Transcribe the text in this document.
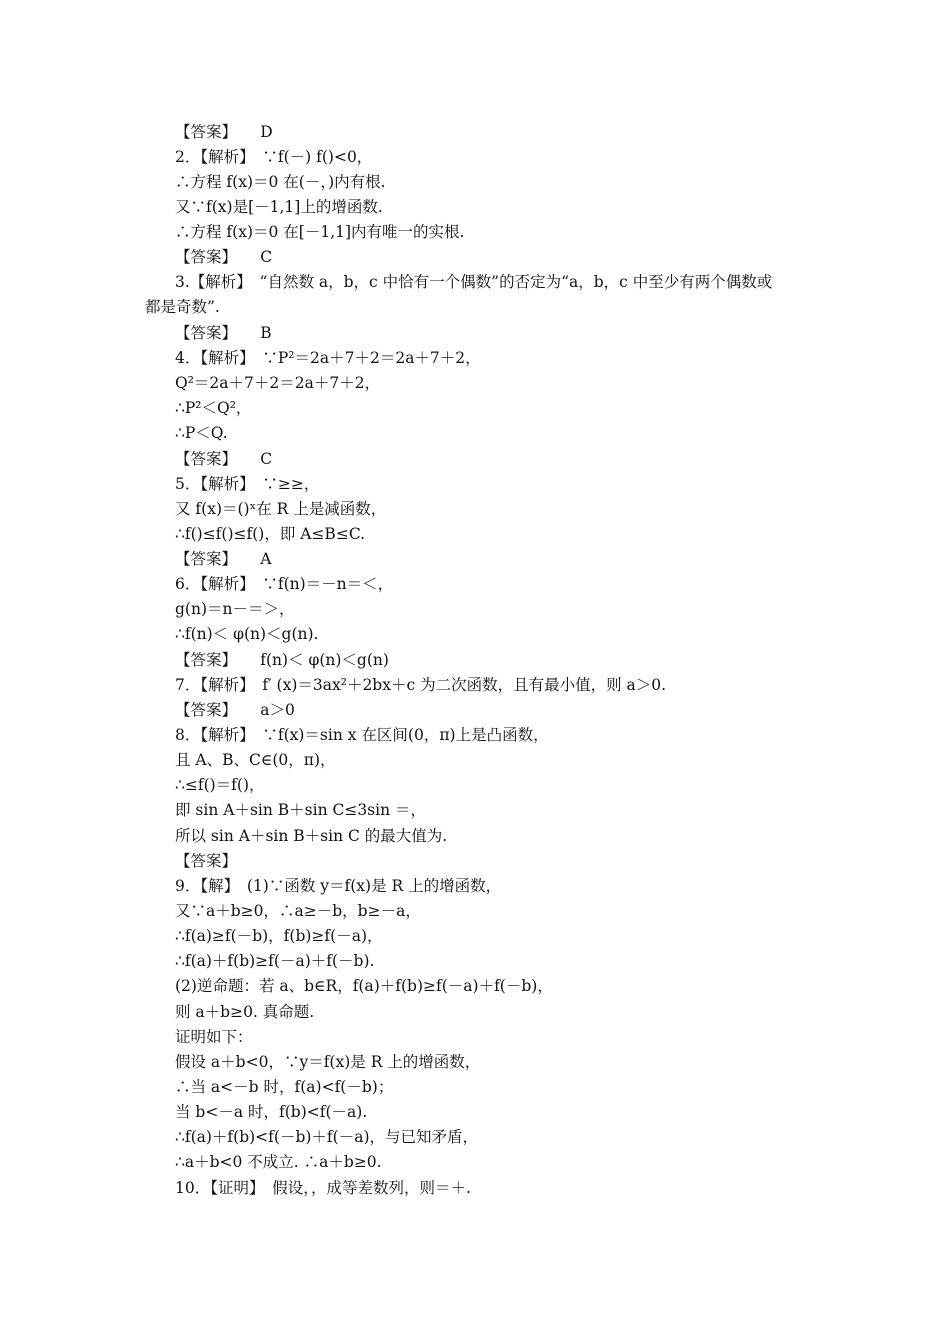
【答案】　　D
2．【解析】　∵f(－) f()<0，
∴方程 f(x)＝0 在(－，)内有根.
又∵f(x)是[－1,1]上的增函数.
∴方程 f(x)＝0 在[－1,1]内有唯一的实根.
【答案】　　C
3.【解析】　“自然数 a，b，c 中恰有一个偶数”的否定为“a，b，c 中至少有两个偶数或
都是奇数”.
【答案】　　B
4．【解析】　∵P²＝2a＋7＋2＝2a＋7＋2，
Q²＝2a＋7＋2＝2a＋7＋2，
∴P²＜Q²，
∴P＜Q.
【答案】　　C
5．【解析】　∵≥≥，
又 f(x)＝()ˣ在 R 上是减函数，
∴f()≤f()≤f()，即 A≤B≤C.
【答案】　　A
6．【解析】　∵f(n)＝－n＝＜，
g(n)＝n－＝＞，
∴f(n)＜ φ(n)＜g(n).
【答案】　　f(n)＜ φ(n)＜g(n)
7．【解析】　f′ (x)＝3ax²＋2bx＋c 为二次函数，且有最小值，则 a＞0.
【答案】　　a＞0
8．【解析】　∵f(x)＝sin x 在区间(0，π)上是凸函数，
且 A、B、C∈(0，π)，
∴≤f()＝f()，
即 sin A＋sin B＋sin C≤3sin ＝，
所以 sin A＋sin B＋sin C 的最大值为.
【答案】
9．【解】　(1)∵函数 y＝f(x)是 R 上的增函数，
又∵a＋b≥0，∴a≥－b，b≥－a，
∴f(a)≥f(－b)，f(b)≥f(－a)，
∴f(a)＋f(b)≥f(－a)＋f(－b).
(2)逆命题：若 a、b∈R，f(a)＋f(b)≥f(－a)＋f(－b)，
则 a＋b≥0. 真命题.
证明如下：
假设 a＋b<0，∵y＝f(x)是 R 上的增函数，
∴当 a<－b 时，f(a)<f(－b)；
当 b<－a 时，f(b)<f(－a).
∴f(a)＋f(b)<f(－b)＋f(－a)，与已知矛盾，
∴a＋b<0 不成立. ∴a＋b≥0.
10．【证明】　假设，，成等差数列，则＝＋.
